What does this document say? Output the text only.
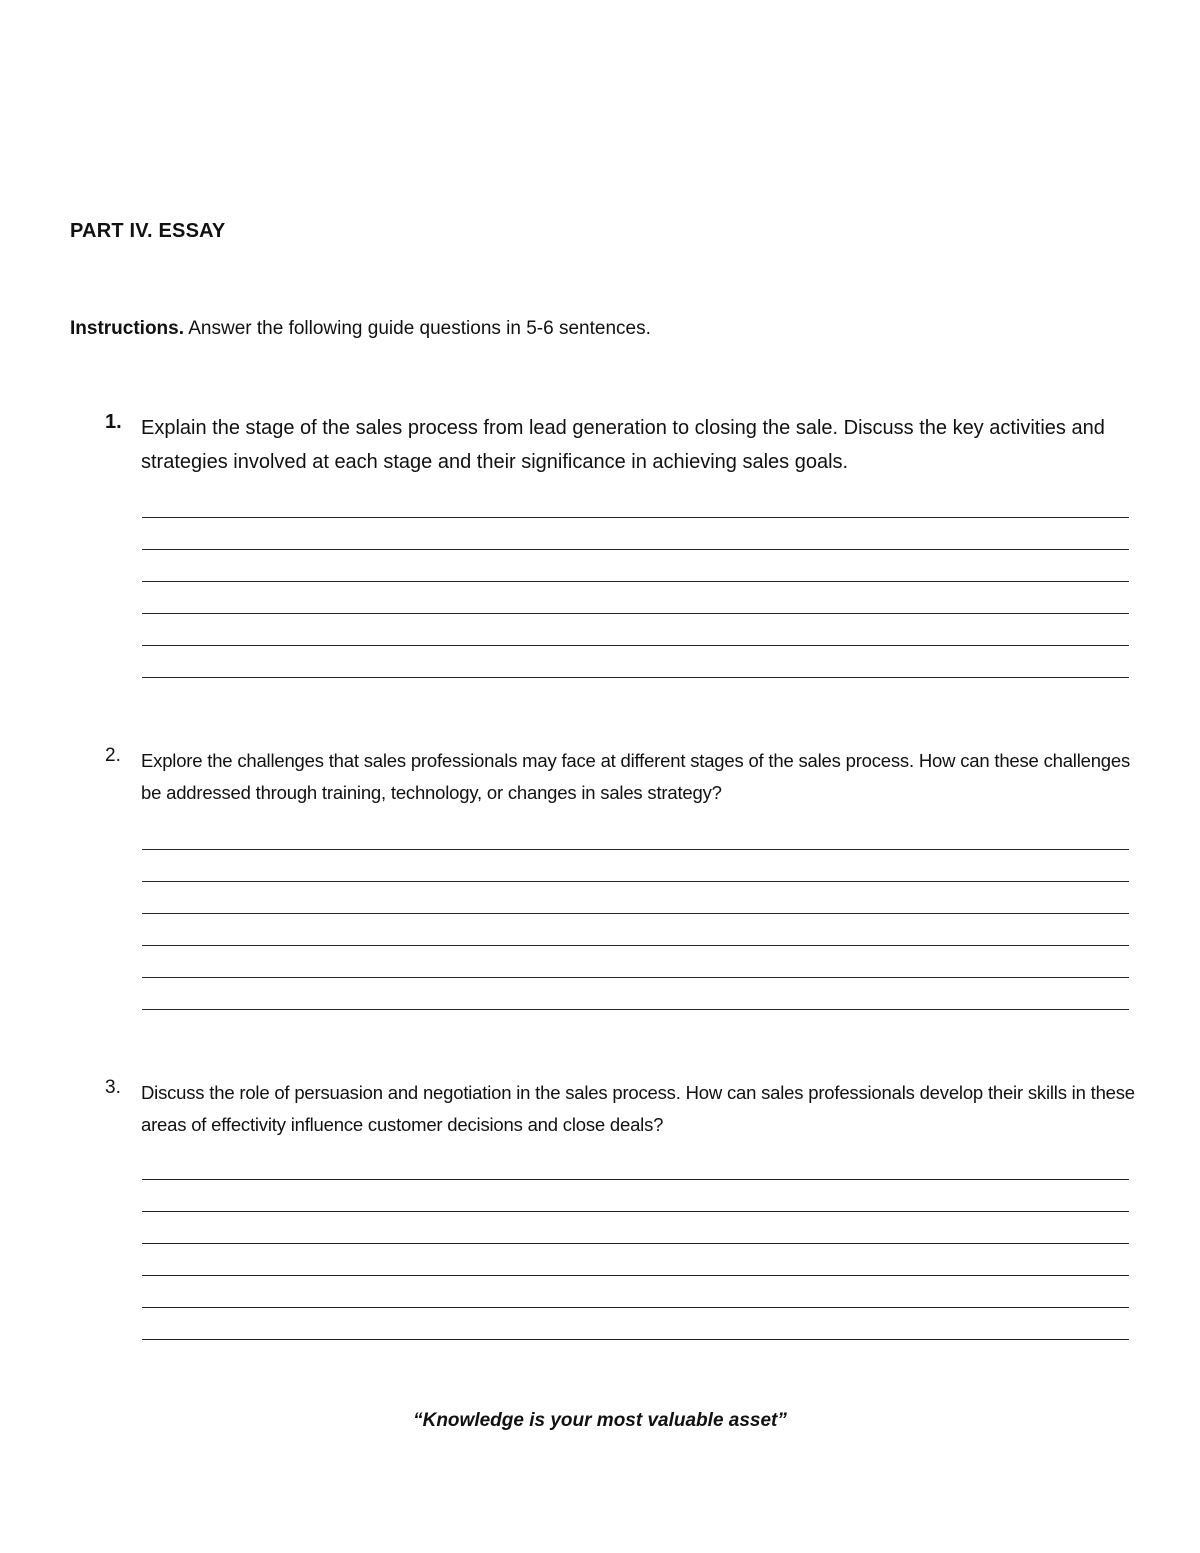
PART IV. ESSAY
Instructions. Answer the following guide questions in 5-6 sentences.
1. Explain the stage of the sales process from lead generation to closing the sale. Discuss the key activities and strategies involved at each stage and their significance in achieving sales goals.
2. Explore the challenges that sales professionals may face at different stages of the sales process. How can these challenges be addressed through training, technology, or changes in sales strategy?
3. Discuss the role of persuasion and negotiation in the sales process. How can sales professionals develop their skills in these areas of effectivity influence customer decisions and close deals?
“Knowledge is your most valuable asset”
